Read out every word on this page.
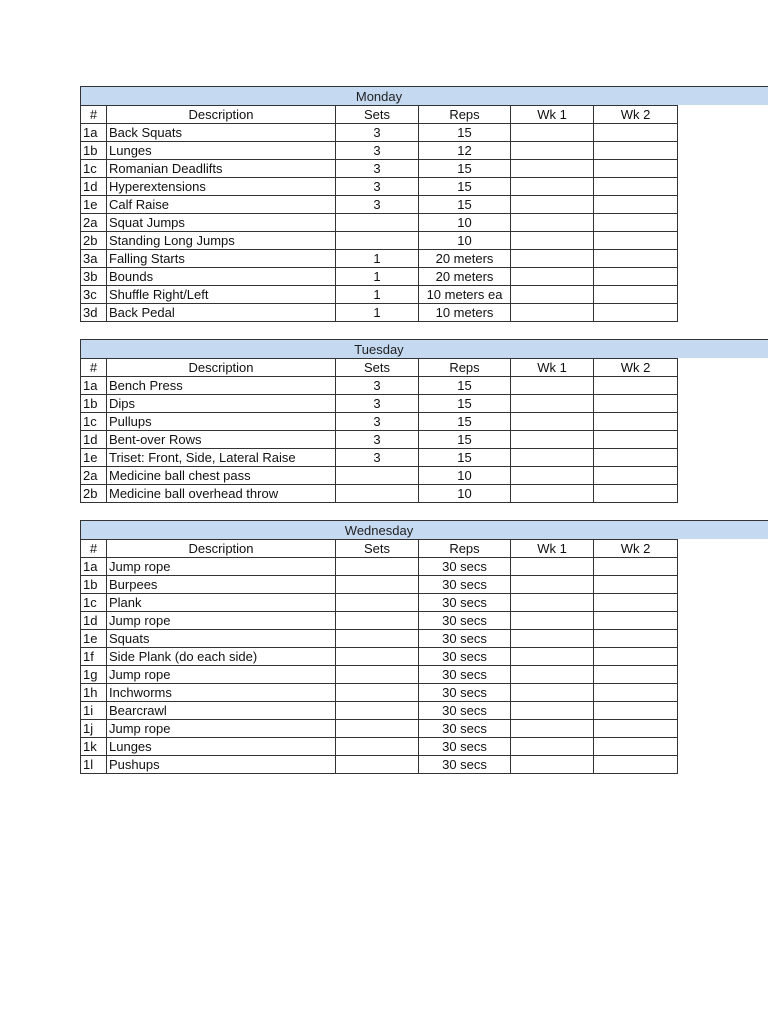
Monday
#	Description	Sets	Reps	Wk 1	Wk 2
1a	Back Squats	3	15		
1b	Lunges	3	12		
1c	Romanian Deadlifts	3	15		
1d	Hyperextensions	3	15		
1e	Calf Raise	3	15		
2a	Squat Jumps		10		
2b	Standing Long Jumps		10		
3a	Falling Starts	1	20 meters		
3b	Bounds	1	20 meters		
3c	Shuffle Right/Left	1	10 meters ea		
3d	Back Pedal	1	10 meters		
Tuesday
#	Description	Sets	Reps	Wk 1	Wk 2
1a	Bench Press	3	15		
1b	Dips	3	15		
1c	Pullups	3	15		
1d	Bent-over Rows	3	15		
1e	Triset: Front, Side, Lateral Raise	3	15		
2a	Medicine ball chest pass		10		
2b	Medicine ball overhead throw		10		
Wednesday
#	Description	Sets	Reps	Wk 1	Wk 2
1a	Jump rope		30 secs		
1b	Burpees		30 secs		
1c	Plank		30 secs		
1d	Jump rope		30 secs		
1e	Squats		30 secs		
1f	Side Plank (do each side)		30 secs		
1g	Jump rope		30 secs		
1h	Inchworms		30 secs		
1i	Bearcrawl		30 secs		
1j	Jump rope		30 secs		
1k	Lunges		30 secs		
1l	Pushups		30 secs		
